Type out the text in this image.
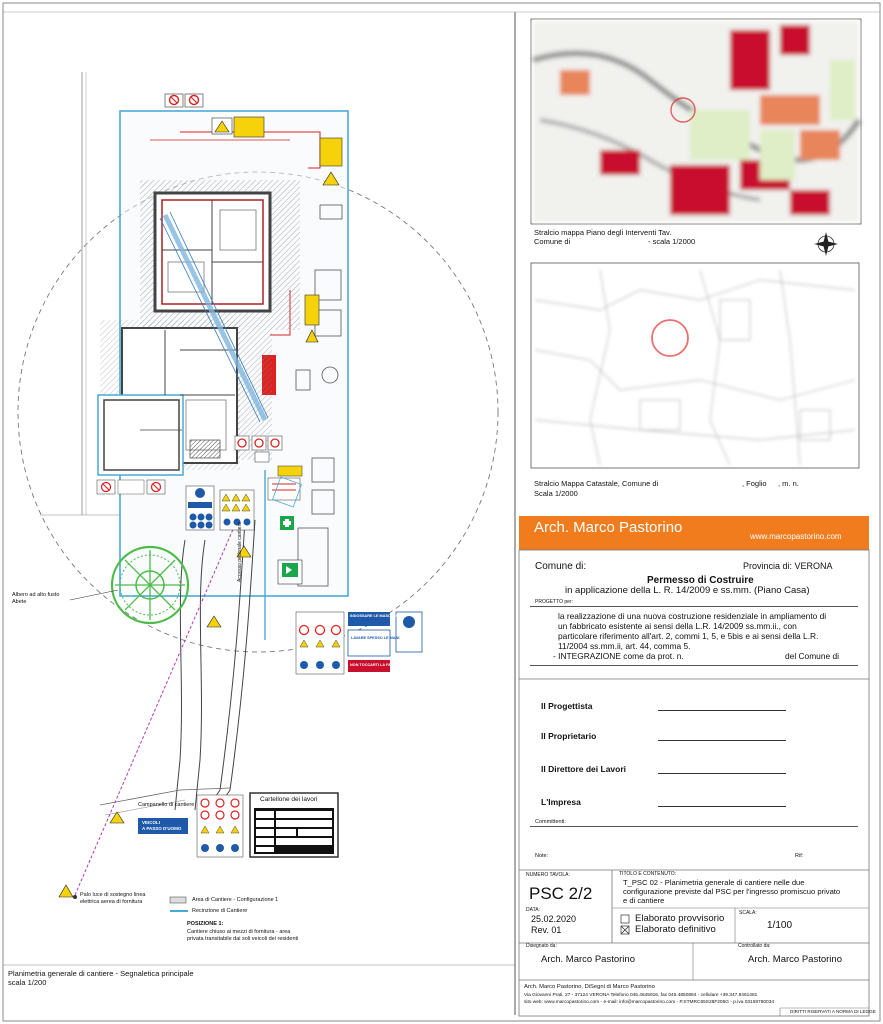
Planimetria generale di cantiere - Segnaletica principale
scala 1/200
Albero ad alto fusto
Abete
Campanello di cantiere
Palo luce di sostegno linea
elettrica aerea di fornitura
Cartellone dei lavori
VEICOLI
A PASSO D'UOMO
Area di Cantiere - Configurazione 1
Recinzione di Cantiere
POSIZIONE 1:
Cantiere chiuso ai mezzi di fornitura - area
privata transitabile dai soli veicoli dei residenti
Accesso pedonale cantiere
INDOSSARE LE MASCHERINE
LAVARE SPESSO LE MANI
NON TOCCARTI LA FACCIA
Stralcio mappa Piano degli Interventi Tav.
Comune di	- scala 1/2000
Stralcio Mappa Catastale, Comune di	, Foglio , m. n.
Scala 1/2000
Arch. Marco Pastorino
www.marcopastorino.com
Comune di:	Provincia di: VERONA
Permesso di Costruire
in applicazione della L. R. 14/2009 e ss.mm. (Piano Casa)
PROGETTO per:
la realizzazione di una nuova costruzione residenziale in ampliamento di
un fabbricato esistente ai sensi della L.R. 14/2009 ss.mm.ii., con
particolare riferimento all'art. 2, commi 1, 5, e 5bis e ai sensi della L.R.
11/2004 ss.mm.ii, art. 44, comma 5.
- INTEGRAZIONE come da prot. n.	del Comune di
Il Progettista
Il Proprietario
Il Direttore dei Lavori
L'Impresa
Committenti:
Note:	Rif:
NUMERO TAVOLA:
PSC 2/2
TITOLO E CONTENUTO:
T_PSC 02 - Planimetria generale di cantiere nelle due
configurazione previste dal PSC per l'ingresso promiscuo privato
e di cantiere
DATA:
25.02.2020
Rev. 01
Elaborato provvisorio
Elaborato definitivo
SCALA:
1/100
Disegnato da:
Arch. Marco Pastorino
Controllato da:
Arch. Marco Pastorino
Arch. Marco Pastorino, DiSegni di Marco Pastorino
Via Giovanni Prati, 27 - 37124 VERONA Telefono 045.4645916, fax 045.4850884 - cellulare +39.347.8461481
sito web: www.marcopastorino.com - e-mail: info@marcopastorino.com - P.STMRC65S28F205G - p.iva 03159780034
DIRITTI RISERVATI A NORMA DI LEGGE
